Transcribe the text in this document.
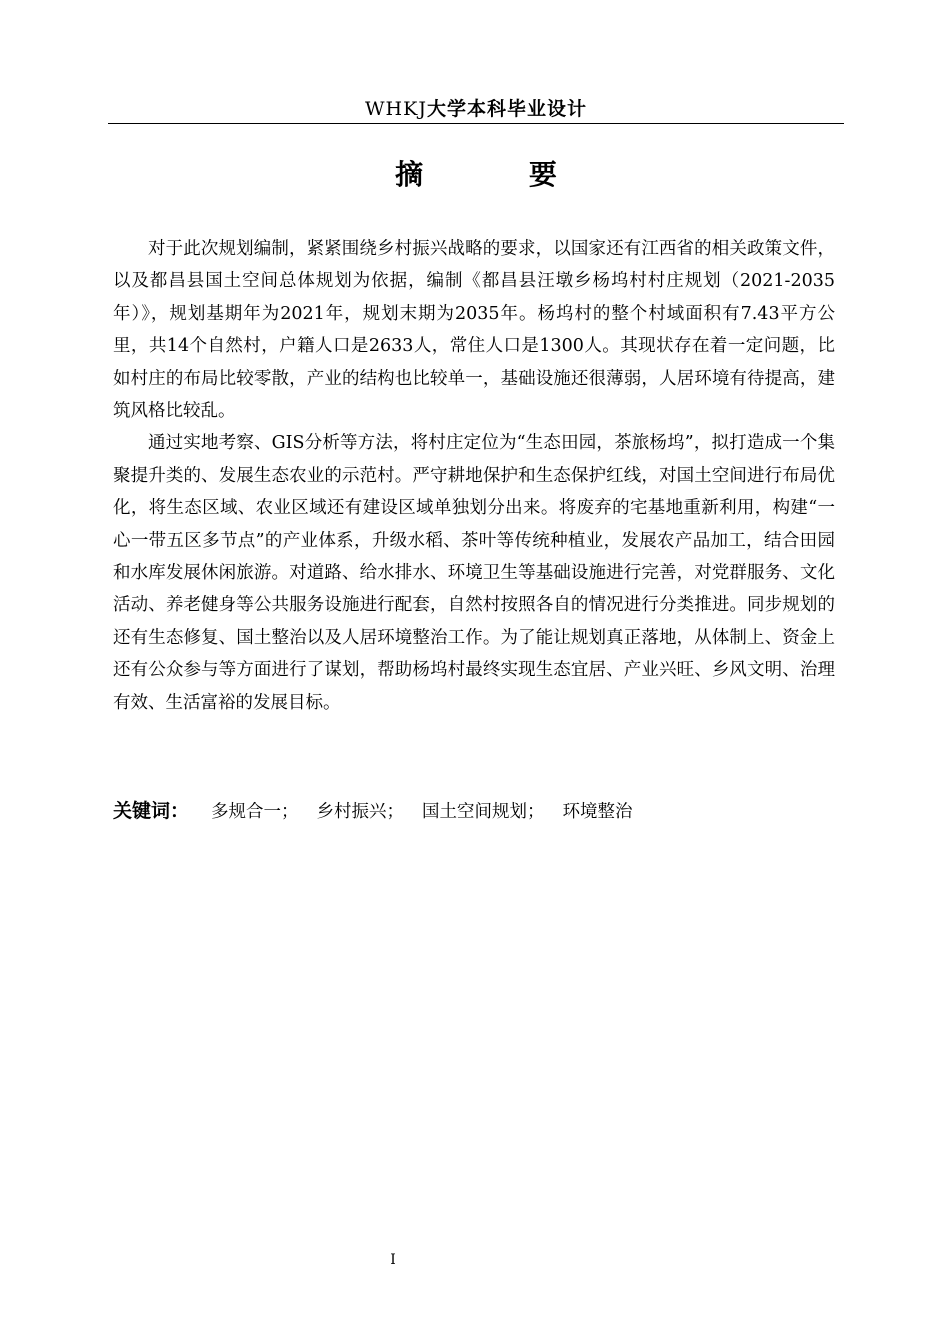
WHKJ大学本科毕业设计
摘 要

对于此次规划编制，紧紧围绕乡村振兴战略的要求，以国家还有江西省的相关政策文件，以及都昌县国土空间总体规划为依据，编制《都昌县汪墩乡杨坞村村庄规划（2021-2035年）》，规划基期年为2021年，规划末期为2035年。杨坞村的整个村域面积有7.43平方公里，共14个自然村，户籍人口是2633人，常住人口是1300人。其现状存在着一定问题，比如村庄的布局比较零散，产业的结构也比较单一，基础设施还很薄弱，人居环境有待提高，建筑风格比较乱。

通过实地考察、GIS分析等方法，将村庄定位为“生态田园，茶旅杨坞”，拟打造成一个集聚提升类的、发展生态农业的示范村。严守耕地保护和生态保护红线，对国土空间进行布局优化，将生态区域、农业区域还有建设区域单独划分出来。将废弃的宅基地重新利用，构建“一心一带五区多节点”的产业体系，升级水稻、茶叶等传统种植业，发展农产品加工，结合田园和水库发展休闲旅游。对道路、给水排水、环境卫生等基础设施进行完善，对党群服务、文化活动、养老健身等公共服务设施进行配套，自然村按照各自的情况进行分类推进。同步规划的还有生态修复、国土整治以及人居环境整治工作。为了能让规划真正落地，从体制上、资金上还有公众参与等方面进行了谋划，帮助杨坞村最终实现生态宜居、产业兴旺、乡风文明、治理有效、生活富裕的发展目标。

关键词： 多规合一； 乡村振兴； 国土空间规划； 环境整治
I
